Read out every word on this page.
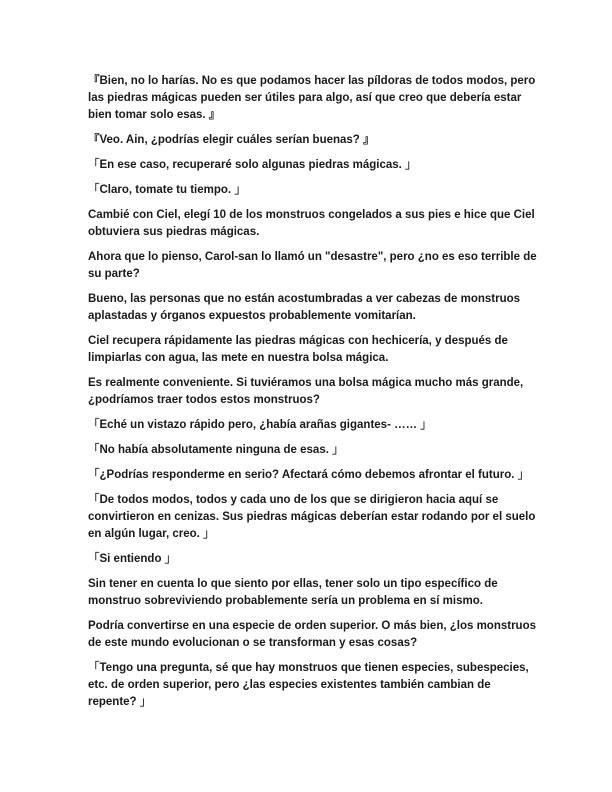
『Bien, no lo harías. No es que podamos hacer las píldoras de todos modos, pero las piedras mágicas pueden ser útiles para algo, así que creo que debería estar bien tomar solo esas. 』

『Veo. Ain, ¿podrías elegir cuáles serían buenas? 』

「En ese caso, recuperaré solo algunas piedras mágicas. 」

「Claro, tomate tu tiempo. 」

Cambié con Ciel, elegí 10 de los monstruos congelados a sus pies e hice que Ciel obtuviera sus piedras mágicas.

Ahora que lo pienso, Carol-san lo llamó un "desastre", pero ¿no es eso terrible de su parte?

Bueno, las personas que no están acostumbradas a ver cabezas de monstruos aplastadas y órganos expuestos probablemente vomitarían.

Ciel recupera rápidamente las piedras mágicas con hechicería, y después de limpiarlas con agua, las mete en nuestra bolsa mágica.

Es realmente conveniente. Si tuviéramos una bolsa mágica mucho más grande, ¿podríamos traer todos estos monstruos?

「Eché un vistazo rápido pero, ¿había arañas gigantes- …… 」

「No había absolutamente ninguna de esas. 」

「¿Podrías responderme en serio? Afectará cómo debemos afrontar el futuro. 」

「De todos modos, todos y cada uno de los que se dirigieron hacia aquí se convirtieron en cenizas. Sus piedras mágicas deberían estar rodando por el suelo en algún lugar, creo. 」

「Si entiendo 」

Sin tener en cuenta lo que siento por ellas, tener solo un tipo específico de monstruo sobreviviendo probablemente sería un problema en sí mismo.

Podría convertirse en una especie de orden superior. O más bien, ¿los monstruos de este mundo evolucionan o se transforman y esas cosas?

「Tengo una pregunta, sé que hay monstruos que tienen especies, subespecies, etc. de orden superior, pero ¿las especies existentes también cambian de repente? 」
